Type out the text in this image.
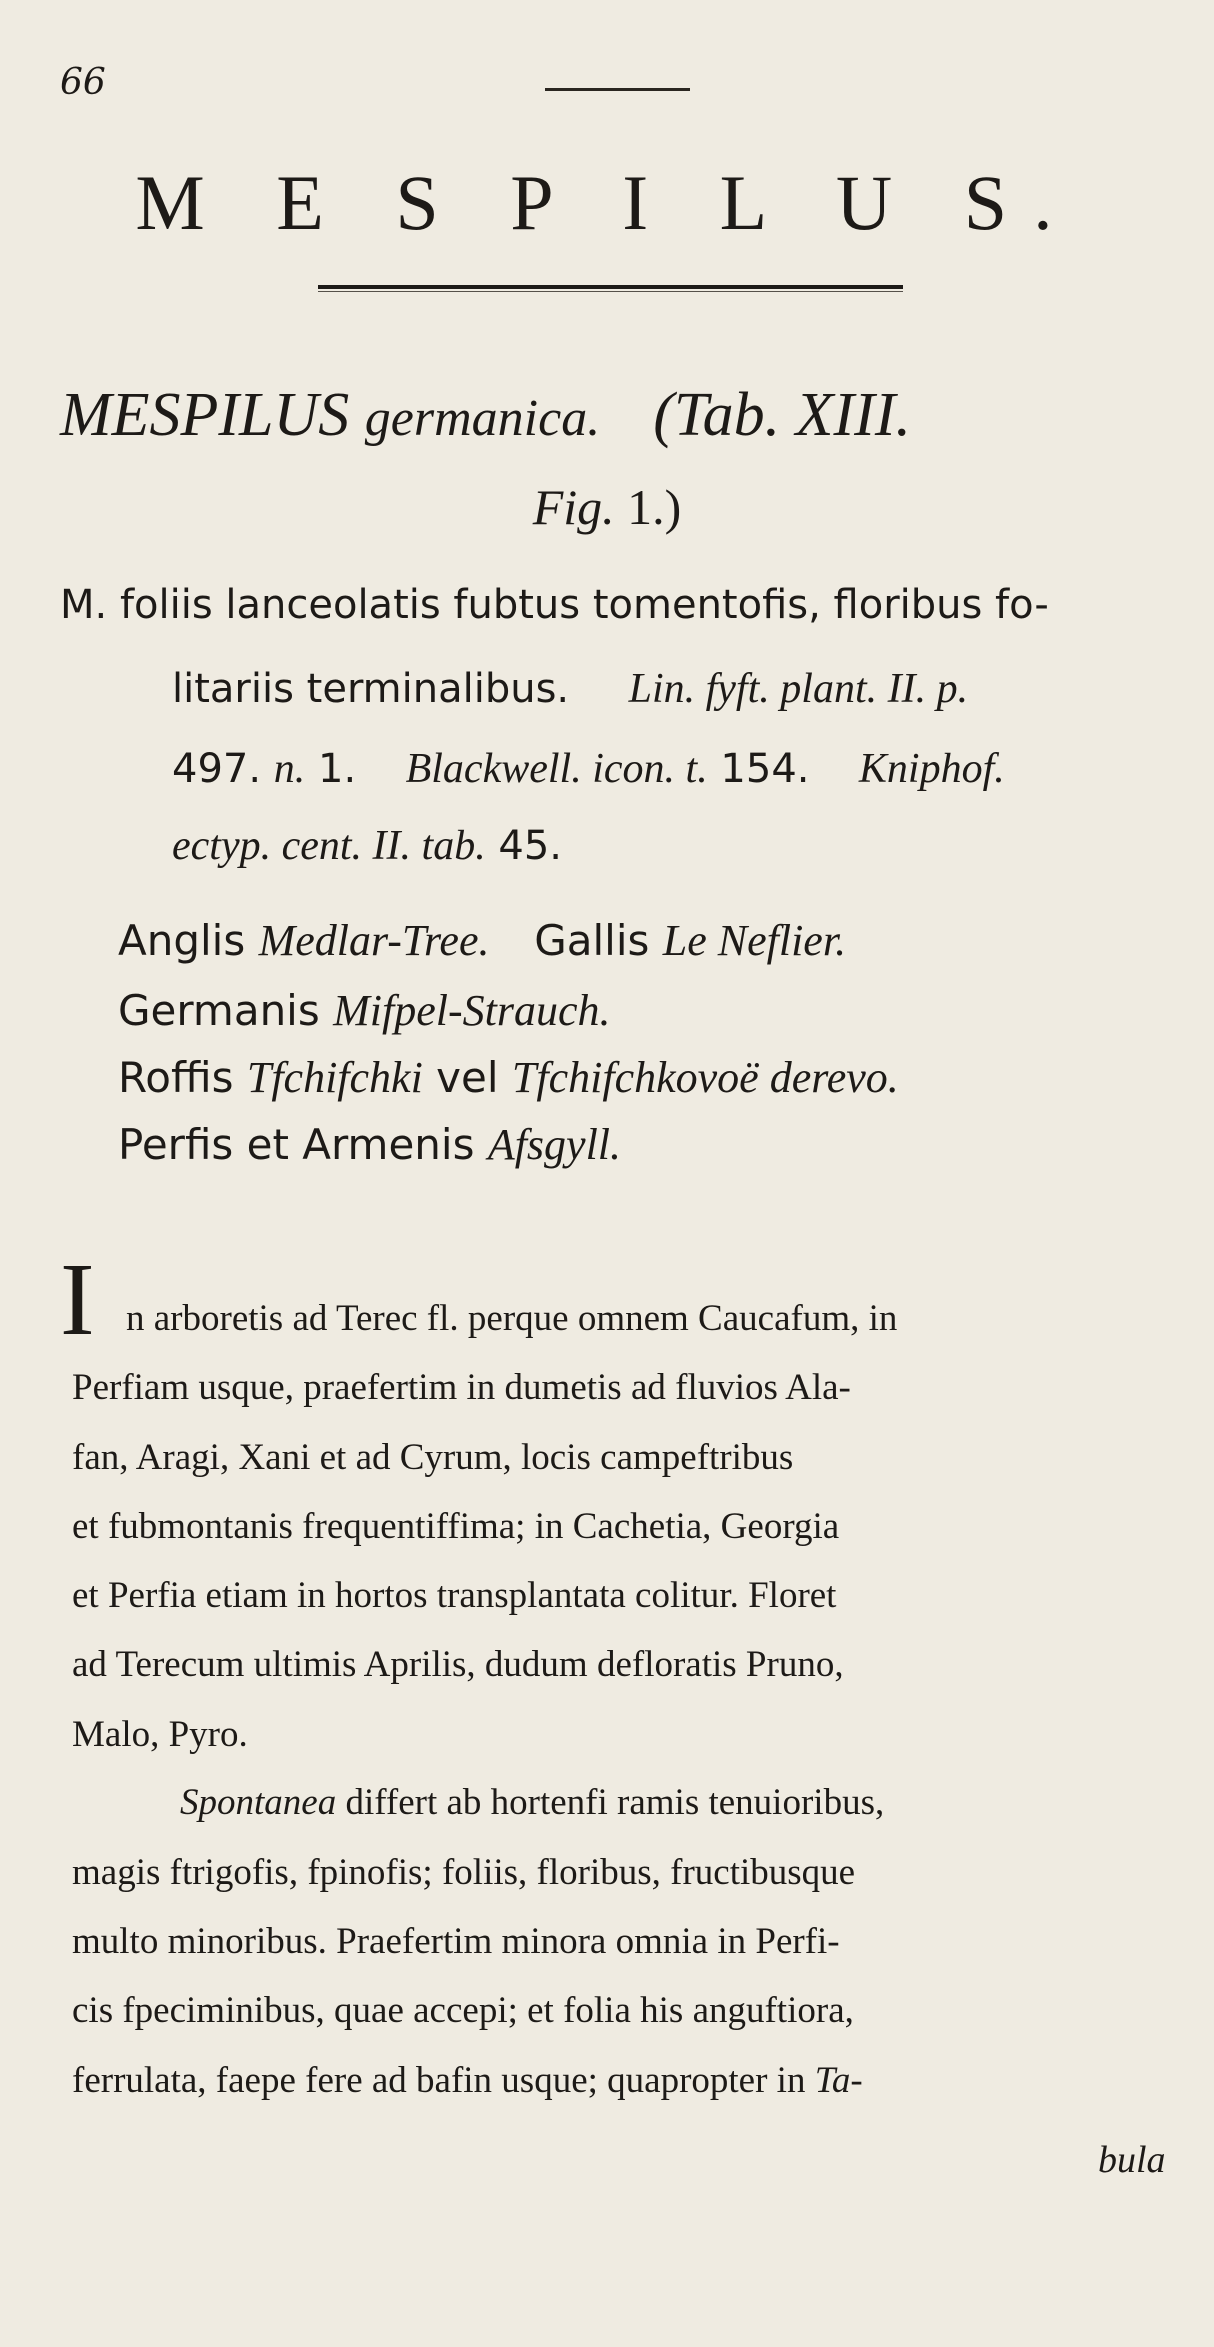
66
M E S P I L U S.
MESPILUS germanica. (Tab. XIII.
Fig. 1.)
M. foliis lanceolatis fubtus tomentofis, floribus fo-
litariis terminalibus. Lin. fyft. plant. II. p.
497. n. 1. Blackwell. icon. t. 154. Kniphof.
ectyp. cent. II. tab. 45.
Anglis Medlar-Tree. Gallis Le Neflier.
Germanis Mifpel-Strauch.
Roffis Tfchifchki vel Tfchifchkovoë derevo.
Perfis et Armenis Afsgyll.
I n arboretis ad Terec fl. perque omnem Caucafum, in
Perfiam usque, praefertim in dumetis ad fluvios Ala-
fan, Aragi, Xani et ad Cyrum, locis campeftribus
et fubmontanis frequentiffima; in Cachetia, Georgia
et Perfia etiam in hortos transplantata colitur. Floret
ad Terecum ultimis Aprilis, dudum defloratis Pruno,
Malo, Pyro.
Spontanea differt ab hortenfi ramis tenuioribus,
magis ftrigofis, fpinofis; foliis, floribus, fructibusque
multo minoribus. Praefertim minora omnia in Perfi-
cis fpeciminibus, quae accepi; et folia his anguftiora,
ferrulata, faepe fere ad bafin usque; quapropter in Ta-
bula
